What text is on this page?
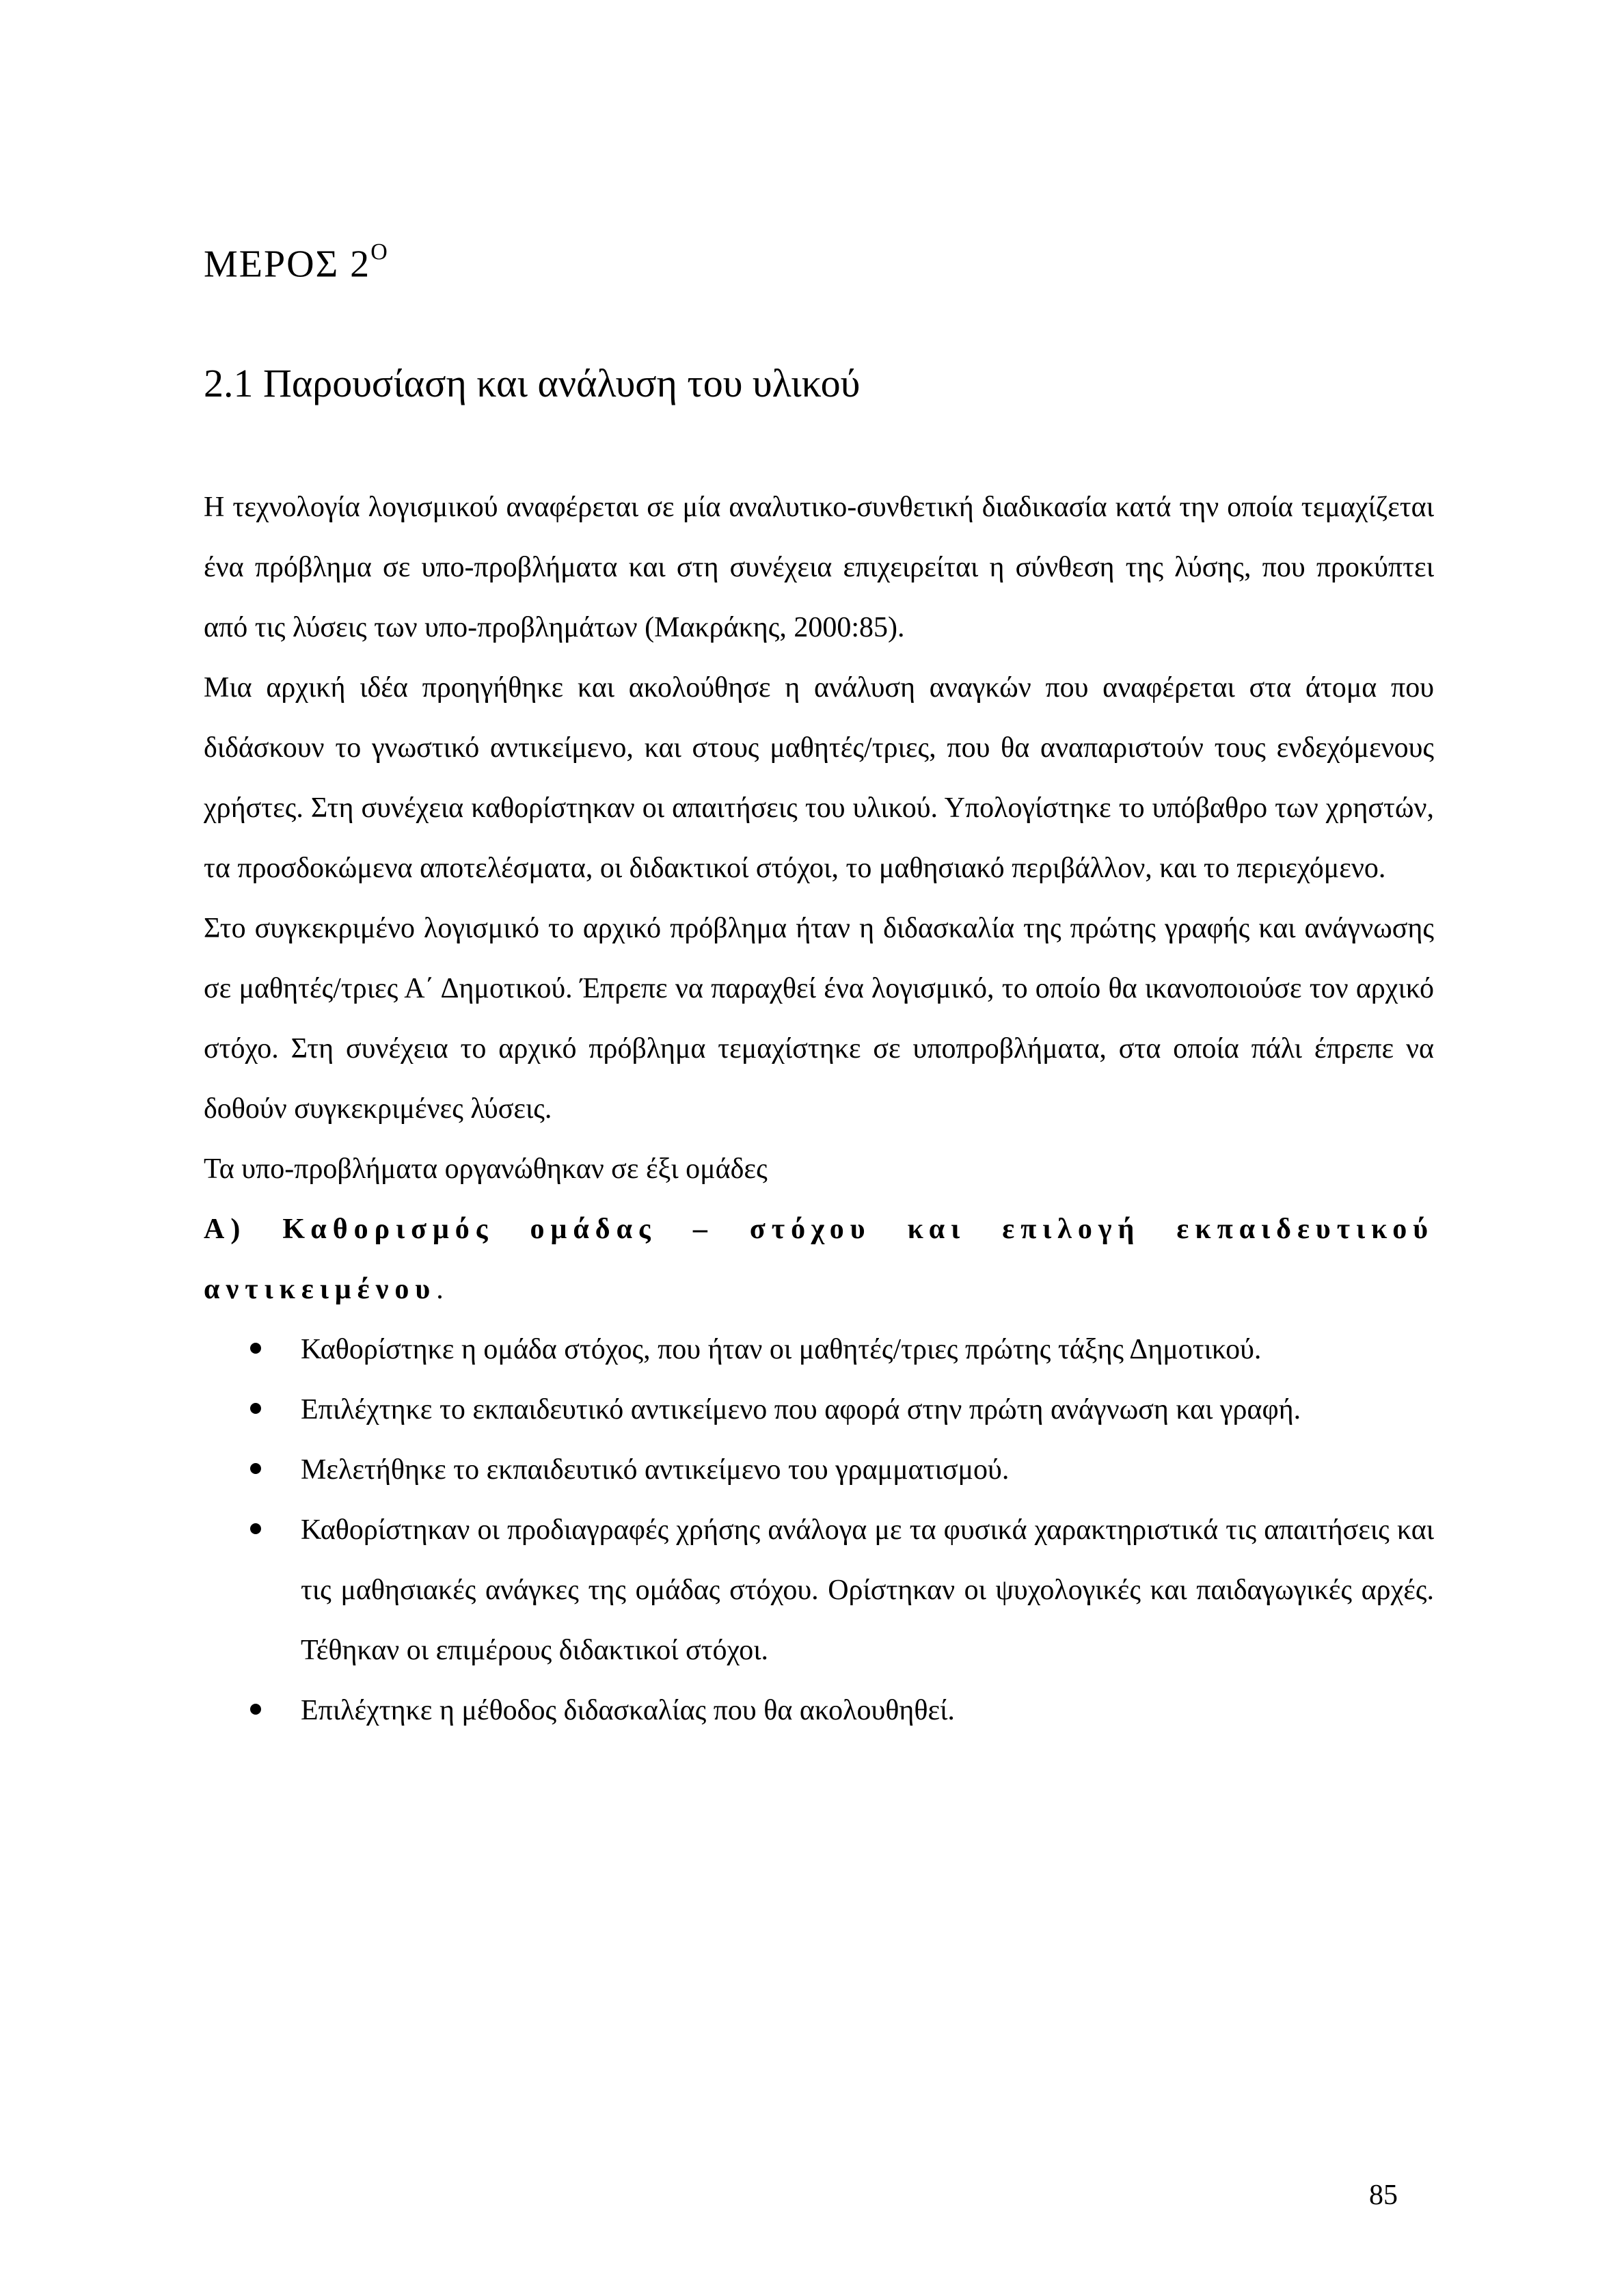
ΜΕΡΟΣ $2^O$
2.1 Παρουσίαση και ανάλυση του υλικού

Η τεχνολογία λογισμικού αναφέρεται σε μία αναλυτικο-συνθετική διαδικασία κατά την οποία τεμαχίζεται ένα πρόβλημα σε υπο-προβλήματα και στη συνέχεια επιχειρείται η σύνθεση της λύσης, που προκύπτει από τις λύσεις των υπο-προβλημάτων (Μακράκης, 2000:85).

Μια αρχική ιδέα προηγήθηκε και ακολούθησε η ανάλυση αναγκών που αναφέρεται στα άτομα που διδάσκουν το γνωστικό αντικείμενο, και στους μαθητές/τριες, που θα αναπαριστούν τους ενδεχόμενους χρήστες. Στη συνέχεια καθορίστηκαν οι απαιτήσεις του υλικού. Υπολογίστηκε το υπόβαθρο των χρηστών, τα προσδοκώμενα αποτελέσματα, οι διδακτικοί στόχοι, το μαθησιακό περιβάλλον, και το περιεχόμενο.

Στο συγκεκριμένο λογισμικό το αρχικό πρόβλημα ήταν η διδασκαλία της πρώτης γραφής και ανάγνωσης σε μαθητές/τριες Α΄ Δημοτικού. Έπρεπε να παραχθεί ένα λογισμικό, το οποίο θα ικανοποιούσε τον αρχικό στόχο. Στη συνέχεια το αρχικό πρόβλημα τεμαχίστηκε σε υποπροβλήματα, στα οποία πάλι έπρεπε να δοθούν συγκεκριμένες λύσεις.

Τα υπο-προβλήματα οργανώθηκαν σε έξι ομάδες

Α) Καθορισμός ομάδας – στόχου και επιλογή εκπαιδευτικού αντικειμένου.

Καθορίστηκε η ομάδα στόχος, που ήταν οι μαθητές/τριες πρώτης τάξης Δημοτικού.
Επιλέχτηκε το εκπαιδευτικό αντικείμενο που αφορά στην πρώτη ανάγνωση και γραφή.
Μελετήθηκε το εκπαιδευτικό αντικείμενο του γραμματισμού.
Καθορίστηκαν οι προδιαγραφές χρήσης ανάλογα με τα φυσικά χαρακτηριστικά τις απαιτήσεις και τις μαθησιακές ανάγκες της ομάδας στόχου. Ορίστηκαν οι ψυχολογικές και παιδαγωγικές αρχές. Τέθηκαν οι επιμέρους διδακτικοί στόχοι.
Επιλέχτηκε η μέθοδος διδασκαλίας που θα ακολουθηθεί.
85
